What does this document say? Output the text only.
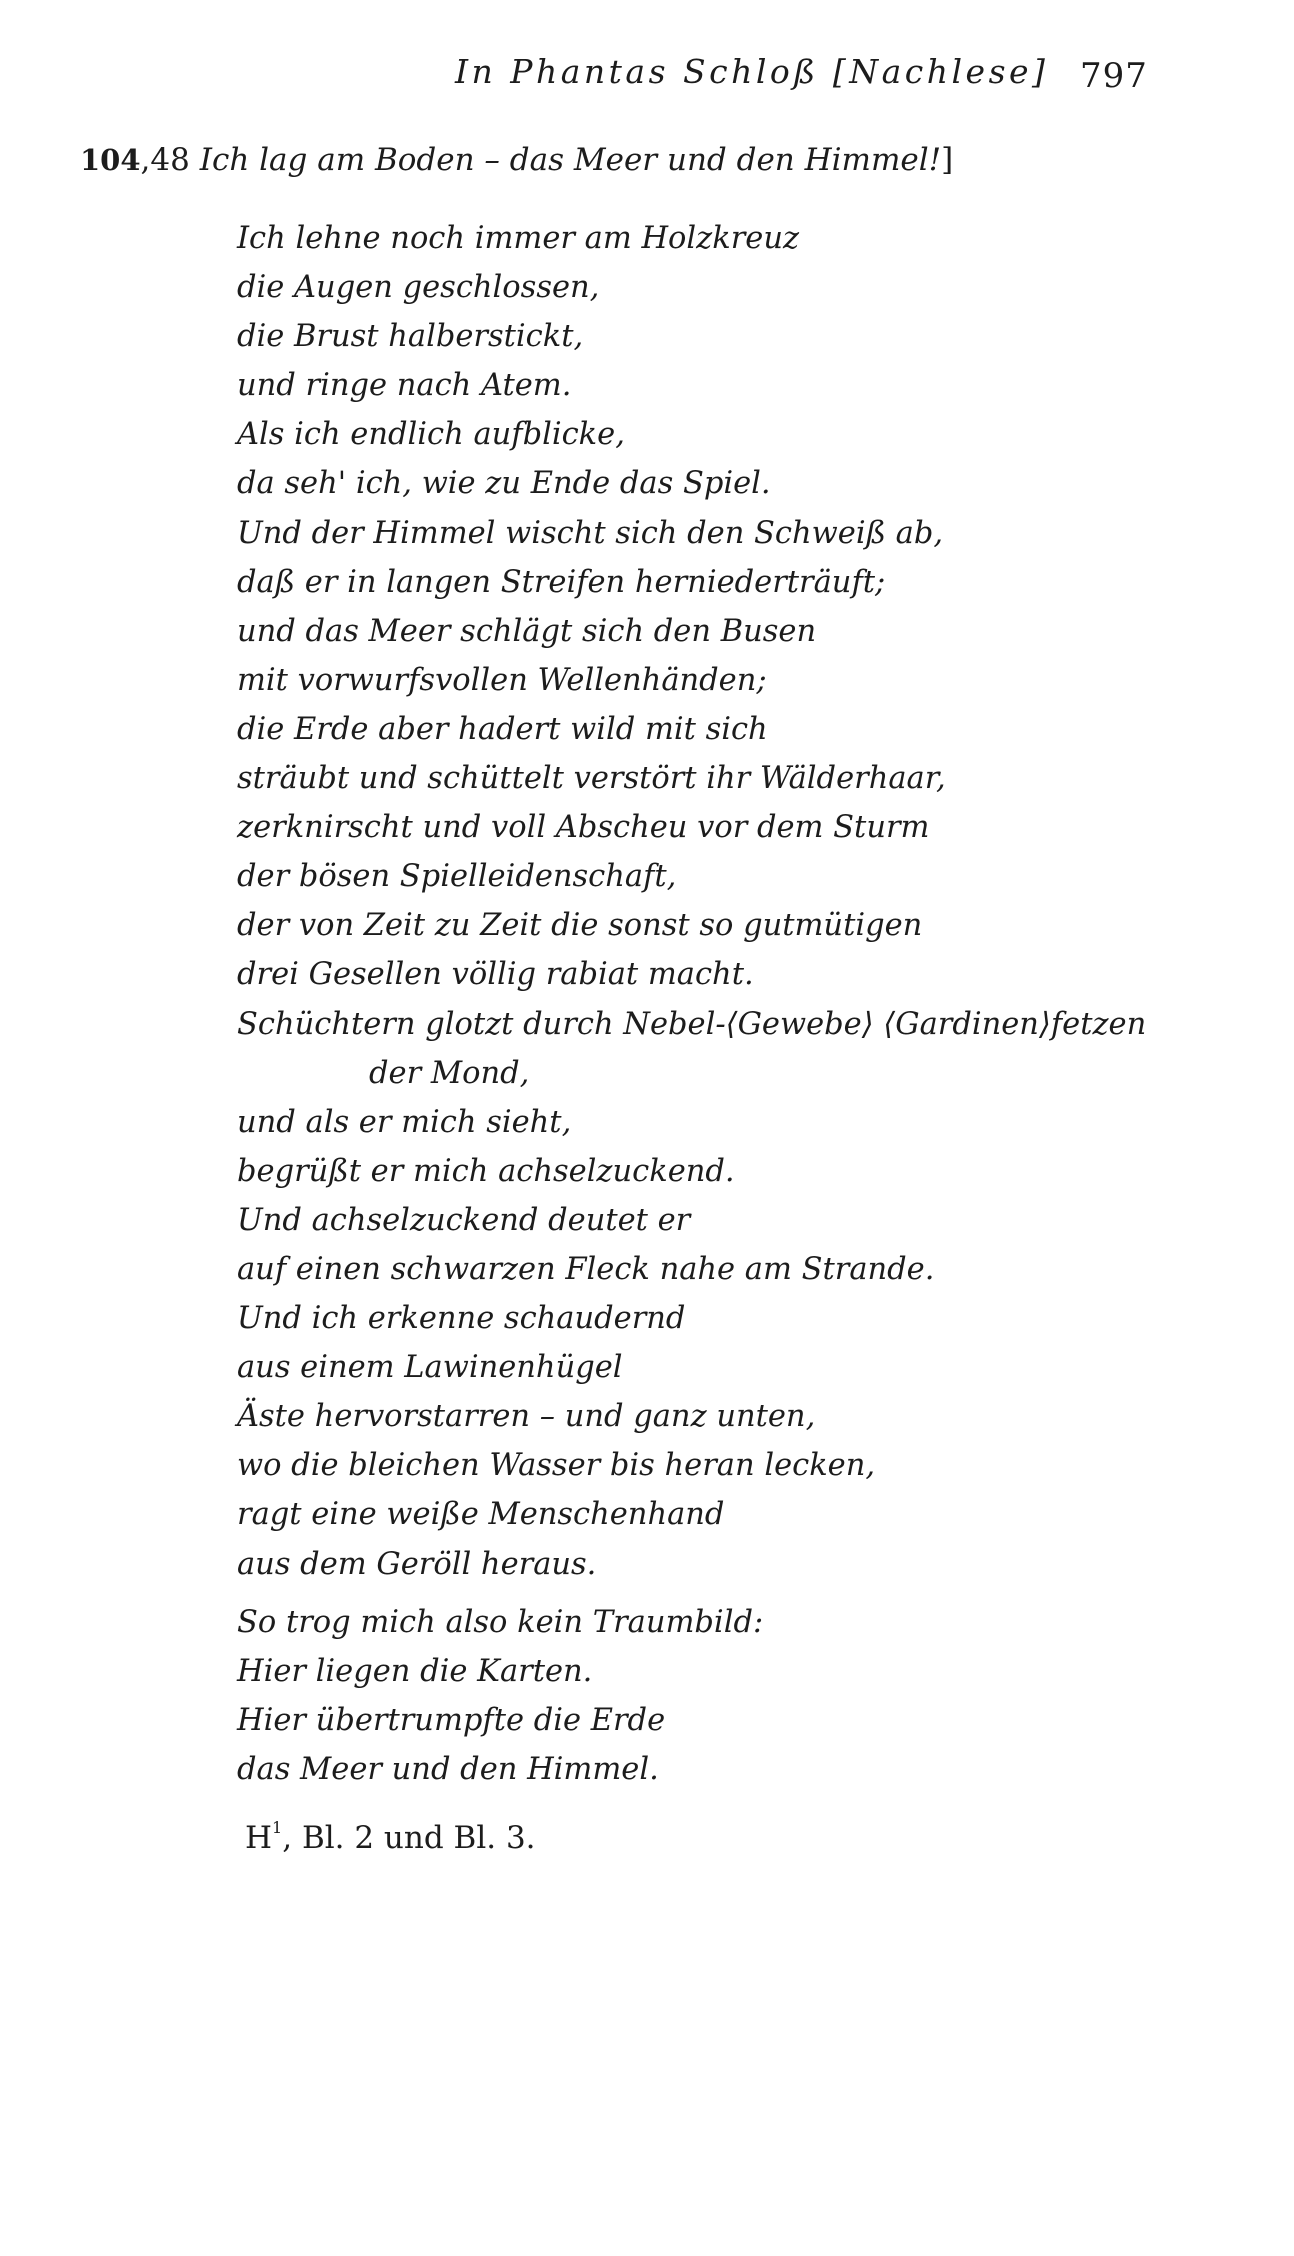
In Phantas Schloß [Nachlese] 797
104,48 Ich lag am Boden – das Meer und den Himmel!]
Ich lehne noch immer am Holzkreuz
die Augen geschlossen,
die Brust halberstickt,
und ringe nach Atem.
Als ich endlich aufblicke,
da seh' ich, wie zu Ende das Spiel.
Und der Himmel wischt sich den Schweiß ab,
daß er in langen Streifen herniederträuft;
und das Meer schlägt sich den Busen
mit vorwurfsvollen Wellenhänden;
die Erde aber hadert wild mit sich
sträubt und schüttelt verstört ihr Wälderhaar,
zerknirscht und voll Abscheu vor dem Sturm
der bösen Spielleidenschaft,
der von Zeit zu Zeit die sonst so gutmütigen
drei Gesellen völlig rabiat macht.
Schüchtern glotzt durch Nebel-⟨Gewebe⟩ ⟨Gardinen⟩fetzen
der Mond,
und als er mich sieht,
begrüßt er mich achselzuckend.
Und achselzuckend deutet er
auf einen schwarzen Fleck nahe am Strande.
Und ich erkenne schaudernd
aus einem Lawinenhügel
Äste hervorstarren – und ganz unten,
wo die bleichen Wasser bis heran lecken,
ragt eine weiße Menschenhand
aus dem Geröll heraus.
So trog mich also kein Traumbild:
Hier liegen die Karten.
Hier übertrumpfte die Erde
das Meer und den Himmel.
$H^1$, Bl. 2 und Bl. 3.
